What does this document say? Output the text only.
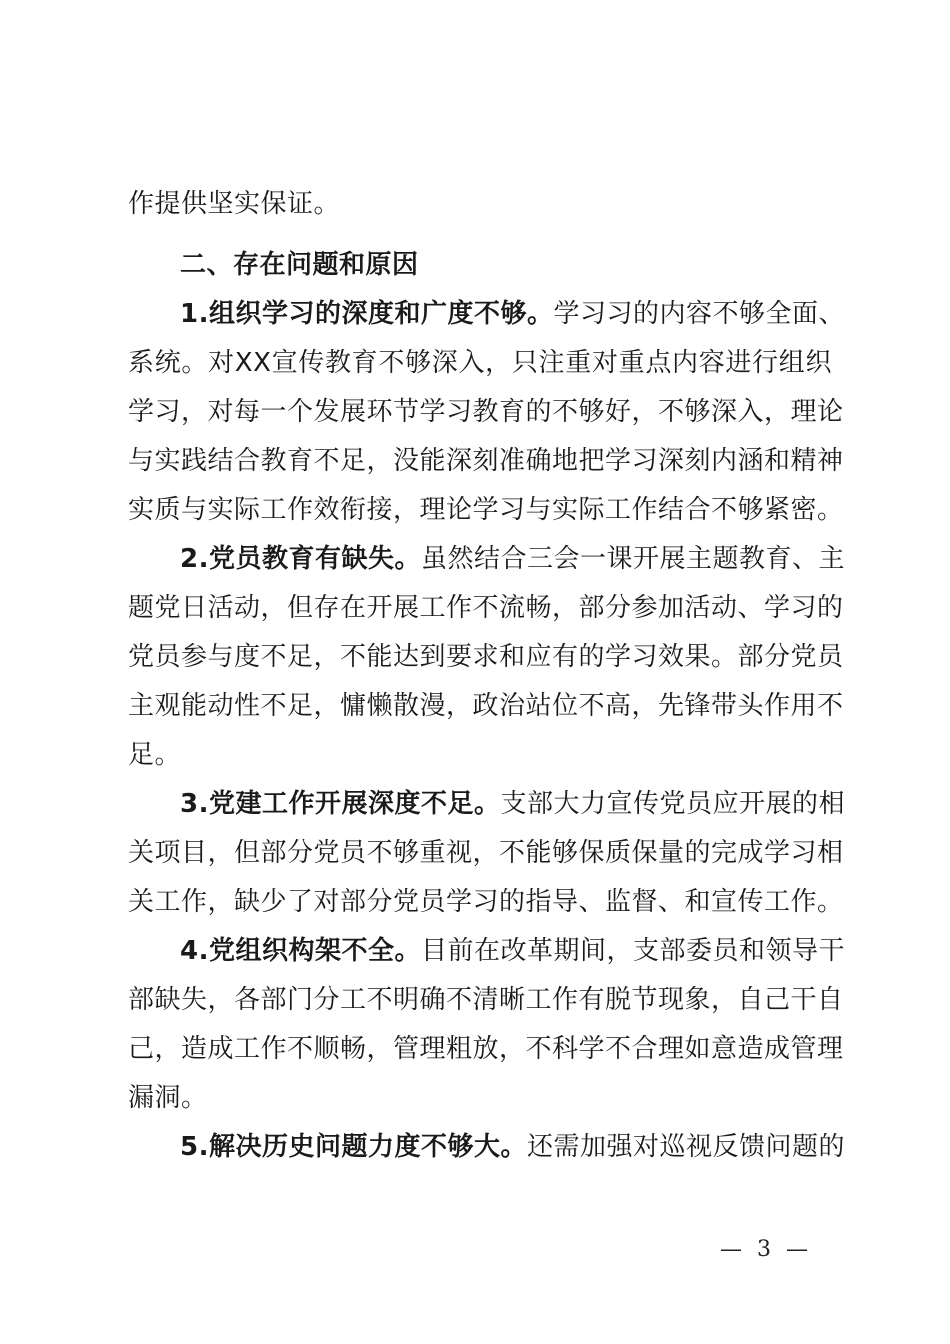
作提供坚实保证。
二、存在问题和原因
1.组织学习的深度和广度不够。学习习的内容不够全面、
系统。对XX宣传教育不够深入，只注重对重点内容进行组织
学习，对每一个发展环节学习教育的不够好，不够深入，理论
与实践结合教育不足，没能深刻准确地把学习深刻内涵和精神
实质与实际工作效衔接，理论学习与实际工作结合不够紧密。
2.党员教育有缺失。虽然结合三会一课开展主题教育、主
题党日活动，但存在开展工作不流畅，部分参加活动、学习的
党员参与度不足，不能达到要求和应有的学习效果。部分党员
主观能动性不足，慵懒散漫，政治站位不高，先锋带头作用不
足。
3.党建工作开展深度不足。支部大力宣传党员应开展的相
关项目，但部分党员不够重视，不能够保质保量的完成学习相
关工作，缺少了对部分党员学习的指导、监督、和宣传工作。
4.党组织构架不全。目前在改革期间，支部委员和领导干
部缺失，各部门分工不明确不清晰工作有脱节现象，自己干自
己，造成工作不顺畅，管理粗放，不科学不合理如意造成管理
漏洞。
5.解决历史问题力度不够大。还需加强对巡视反馈问题的
— 3 —
